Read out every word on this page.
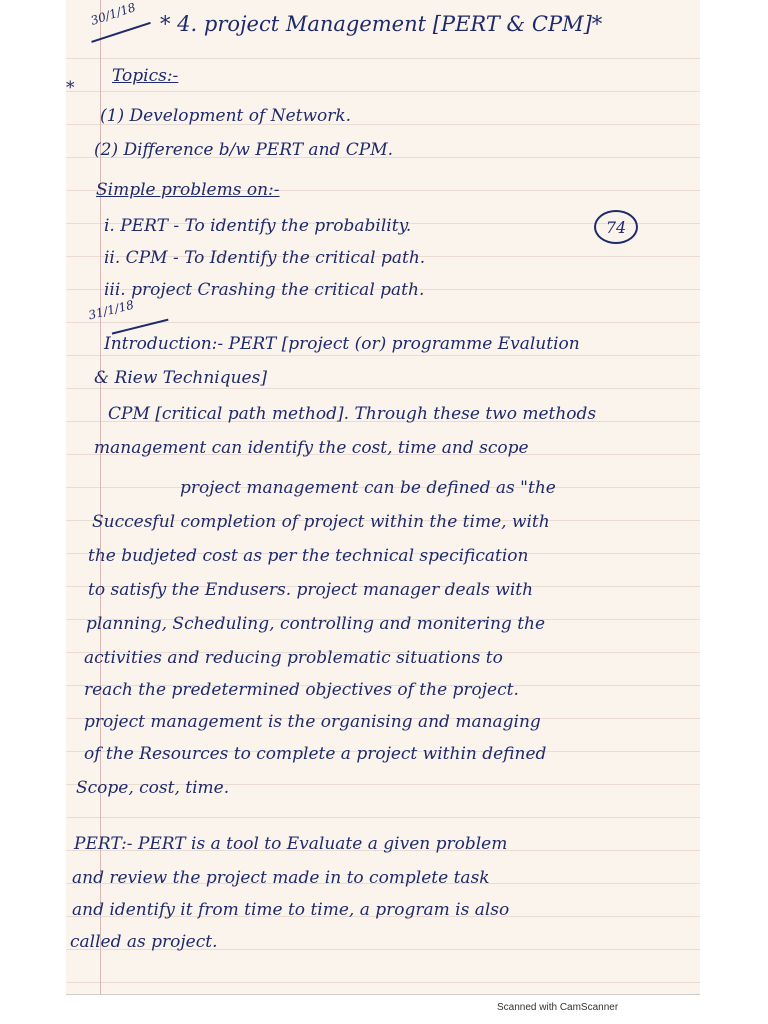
30/1/18 * 4. project Management [PERT & CPM]*
*
74
Topics:-
(1) Development of Network.
(2) Difference b/w PERT and CPM.
Simple problems on:-
i. PERT - To identify the probability.
ii. CPM - To Identify the critical path.
iii. project Crashing the critical path.
31/1/18
Introduction:- PERT [project (or) programme Evalution
& Riew Techniques]
CPM [critical path method]. Through these two methods
management can identify the cost, time and scope
project management can be defined as "the
Succesful completion of project within the time, with
the budjeted cost as per the technical specification
to satisfy the Endusers. project manager deals with
planning, Scheduling, controlling and monitering the
activities and reducing problematic situations to
reach the predetermined objectives of the project.
project management is the organising and managing
of the Resources to complete a project within defined
Scope, cost, time.
PERT:- PERT is a tool to Evaluate a given problem
and review the project made in to complete task
and identify it from time to time, a program is also
called as project.
Scanned with CamScanner
